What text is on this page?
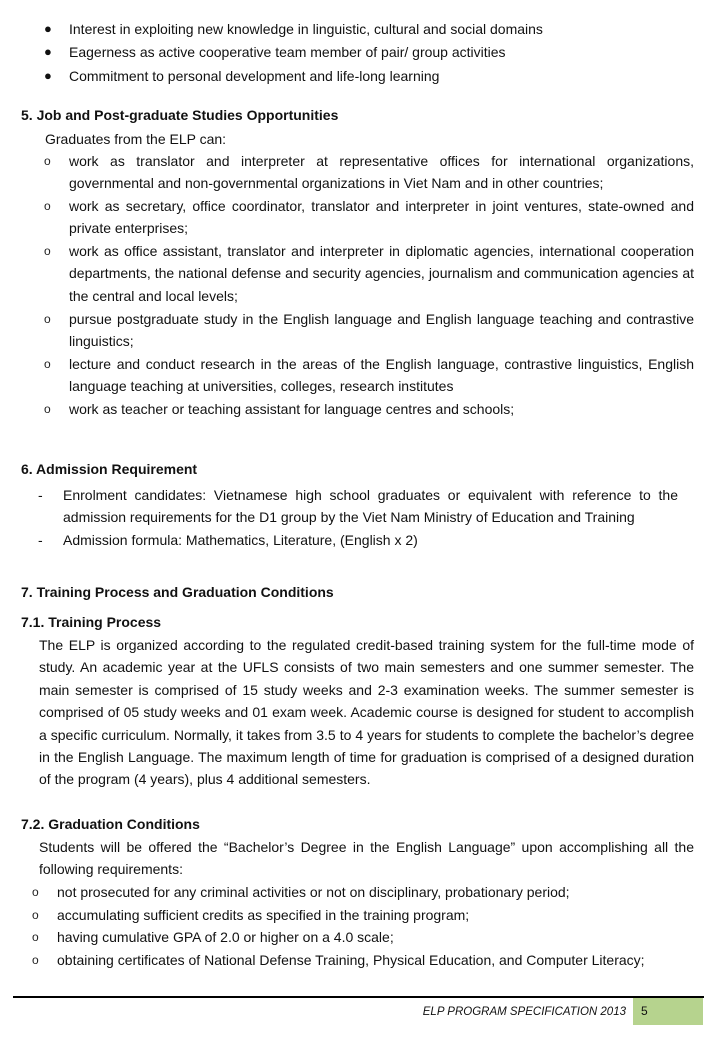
●	Interest in exploiting new knowledge in linguistic, cultural and social domains
●	Eagerness as active cooperative team member of pair/ group activities
●	Commitment to personal development and life-long learning
5. Job and Post-graduate Studies Opportunities
Graduates from the ELP can:
o work as translator and interpreter at representative offices for international organizations, governmental and non-governmental organizations in Viet Nam and in other countries;
o work as secretary, office coordinator, translator and interpreter in joint ventures, state-owned and private enterprises;
o work as office assistant, translator and interpreter in diplomatic agencies, international cooperation departments, the national defense and security agencies, journalism and communication agencies at the central and local levels;
o pursue postgraduate study in the English language and English language teaching and contrastive linguistics;
o lecture and conduct research in the areas of the English language, contrastive linguistics, English language teaching at universities, colleges, research institutes
o work as teacher or teaching assistant for language centres and schools;
6. Admission Requirement
- Enrolment candidates: Vietnamese high school graduates or equivalent with reference to the admission requirements for the D1 group by the Viet Nam Ministry of Education and Training
- Admission formula: Mathematics, Literature, (English x 2)
7. Training Process and Graduation Conditions
7.1. Training Process
The ELP is organized according to the regulated credit-based training system for the full-time mode of study. An academic year at the UFLS consists of two main semesters and one summer semester. The main semester is comprised of 15 study weeks and 2-3 examination weeks. The summer semester is comprised of 05 study weeks and 01 exam week. Academic course is designed for student to accomplish a specific curriculum. Normally, it takes from 3.5 to 4 years for students to complete the bachelor’s degree in the English Language. The maximum length of time for graduation is comprised of a designed duration of the program (4 years), plus 4 additional semesters.
7.2. Graduation Conditions
Students will be offered the “Bachelor’s Degree in the English Language” upon accomplishing all the following requirements:
o not prosecuted for any criminal activities or not on disciplinary, probationary period;
o accumulating sufficient credits as specified in the training program;
o having cumulative GPA of 2.0 or higher on a 4.0 scale;
o obtaining certificates of National Defense Training, Physical Education, and Computer Literacy;
ELP PROGRAM SPECIFICATION 2013 5
